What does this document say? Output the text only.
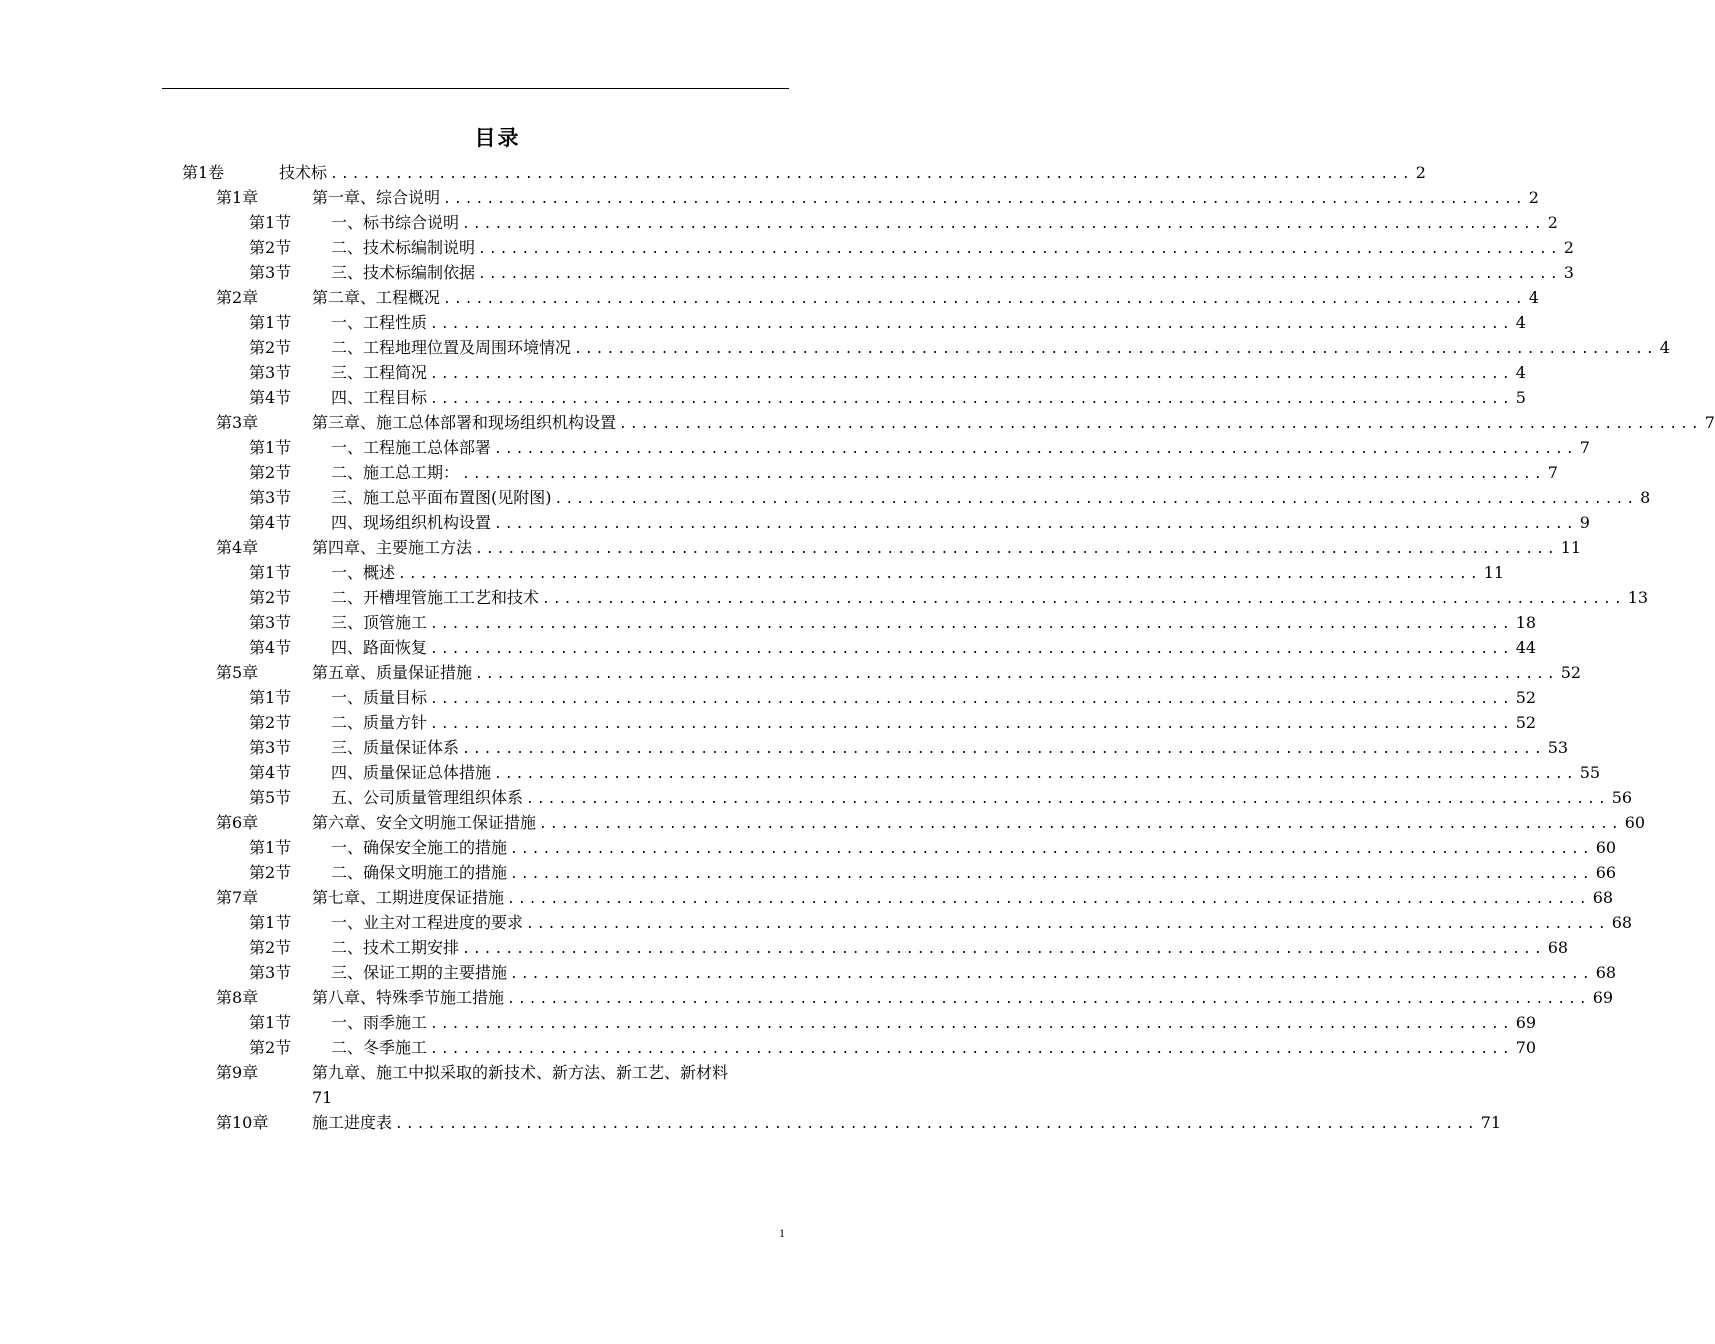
目录
第1卷	技术标 .................................................................................................... 2
第1章	第一章、综合说明 .................................................................................................... 2
第1节 一、标书综合说明 .................................................................................................... 2
第2节 二、技术标编制说明 .................................................................................................... 2
第3节 三、技术标编制依据 .................................................................................................... 3
第2章	第二章、工程概况 .................................................................................................... 4
第1节 一、工程性质 .................................................................................................... 4
第2节 二、工程地理位置及周围环境情况 .................................................................................................... 4
第3节 三、工程简况 .................................................................................................... 4
第4节 四、工程目标 .................................................................................................... 5
第3章	第三章、施工总体部署和现场组织机构设置 .................................................................................................... 7
第1节 一、工程施工总体部署 .................................................................................................... 7
第2节 二、施工总工期： .................................................................................................... 7
第3节 三、施工总平面布置图(见附图) .................................................................................................... 8
第4节 四、现场组织机构设置 .................................................................................................... 9
第4章	第四章、主要施工方法 .................................................................................................... 11
第1节 一、概述 .................................................................................................... 11
第2节 二、开槽埋管施工工艺和技术 .................................................................................................... 13
第3节 三、顶管施工 .................................................................................................... 18
第4节 四、路面恢复 .................................................................................................... 44
第5章	第五章、质量保证措施 .................................................................................................... 52
第1节 一、质量目标 .................................................................................................... 52
第2节 二、质量方针 .................................................................................................... 52
第3节 三、质量保证体系 .................................................................................................... 53
第4节 四、质量保证总体措施 .................................................................................................... 55
第5节 五、公司质量管理组织体系 .................................................................................................... 56
第6章	第六章、安全文明施工保证措施 .................................................................................................... 60
第1节 一、确保安全施工的措施 .................................................................................................... 60
第2节 二、确保文明施工的措施 .................................................................................................... 66
第7章	第七章、工期进度保证措施 .................................................................................................... 68
第1节 一、业主对工程进度的要求 .................................................................................................... 68
第2节 二、技术工期安排 .................................................................................................... 68
第3节 三、保证工期的主要措施 .................................................................................................... 68
第8章	第八章、特殊季节施工措施 .................................................................................................... 69
第1节 一、雨季施工 .................................................................................................... 69
第2节 二、冬季施工 .................................................................................................... 70
第9章	第九章、施工中拟采取的新技术、新方法、新工艺、新材料
71
第10章	施工进度表 .................................................................................................... 71
1
